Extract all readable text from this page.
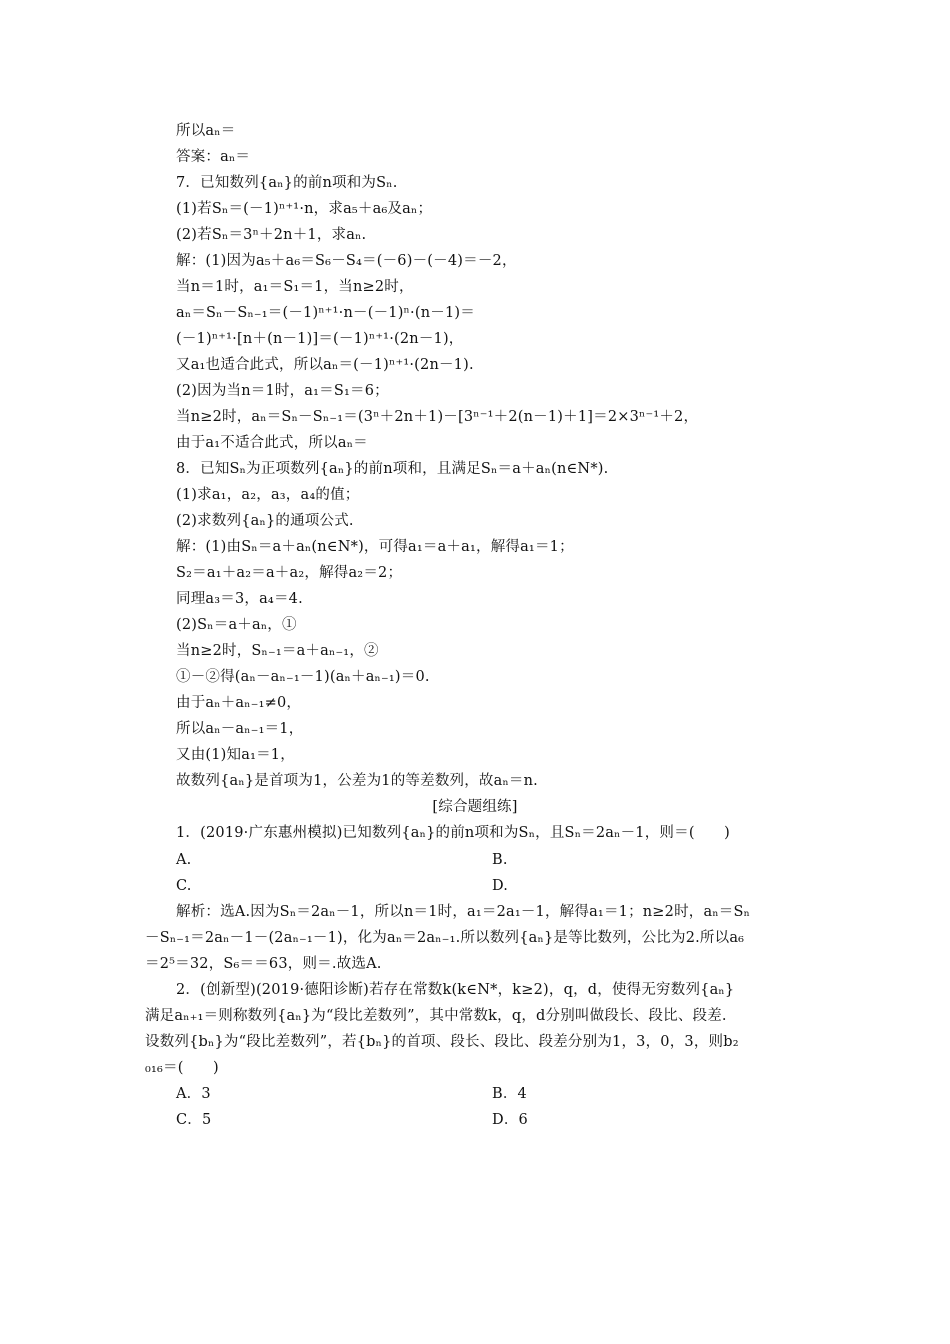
所以aₙ＝
答案：aₙ＝
7．已知数列{aₙ}的前n项和为Sₙ.
(1)若Sₙ＝(－1)ⁿ⁺¹·n，求a₅＋a₆及aₙ；
(2)若Sₙ＝3ⁿ＋2n＋1，求aₙ.
解：(1)因为a₅＋a₆＝S₆－S₄＝(－6)－(－4)＝－2，
当n＝1时，a₁＝S₁＝1，当n≥2时，
aₙ＝Sₙ－Sₙ₋₁＝(－1)ⁿ⁺¹·n－(－1)ⁿ·(n－1)＝
(－1)ⁿ⁺¹·[n＋(n－1)]＝(－1)ⁿ⁺¹·(2n－1)，
又a₁也适合此式，所以aₙ＝(－1)ⁿ⁺¹·(2n－1).
(2)因为当n＝1时，a₁＝S₁＝6；
当n≥2时，aₙ＝Sₙ－Sₙ₋₁＝(3ⁿ＋2n＋1)－[3ⁿ⁻¹＋2(n－1)＋1]＝2×3ⁿ⁻¹＋2，
由于a₁不适合此式，所以aₙ＝
8．已知Sₙ为正项数列{aₙ}的前n项和，且满足Sₙ＝a＋aₙ(n∈N*).
(1)求a₁，a₂，a₃，a₄的值；
(2)求数列{aₙ}的通项公式.
解：(1)由Sₙ＝a＋aₙ(n∈N*)，可得a₁＝a＋a₁，解得a₁＝1；
S₂＝a₁＋a₂＝a＋a₂，解得a₂＝2；
同理a₃＝3，a₄＝4.
(2)Sₙ＝a＋aₙ，①
当n≥2时，Sₙ₋₁＝a＋aₙ₋₁，②
①－②得(aₙ－aₙ₋₁－1)(aₙ＋aₙ₋₁)＝0.
由于aₙ＋aₙ₋₁≠0，
所以aₙ－aₙ₋₁＝1，
又由(1)知a₁＝1，
故数列{aₙ}是首项为1，公差为1的等差数列，故aₙ＝n.
[综合题组练]
1．(2019·广东惠州模拟)已知数列{aₙ}的前n项和为Sₙ，且Sₙ＝2aₙ－1，则＝(　　)
A.	B.
C.	D.
解析：选A.因为Sₙ＝2aₙ－1，所以n＝1时，a₁＝2a₁－1，解得a₁＝1；n≥2时，aₙ＝Sₙ
－Sₙ₋₁＝2aₙ－1－(2aₙ₋₁－1)，化为aₙ＝2aₙ₋₁.所以数列{aₙ}是等比数列，公比为2.所以a₆
＝2⁵＝32，S₆＝＝63，则＝.故选A.
2．(创新型)(2019·德阳诊断)若存在常数k(k∈N*，k≥2)，q，d，使得无穷数列{aₙ}
满足aₙ₊₁＝则称数列{aₙ}为“段比差数列”，其中常数k，q，d分别叫做段长、段比、段差.
设数列{bₙ}为“段比差数列”，若{bₙ}的首项、段长、段比、段差分别为1，3，0，3，则b₂
₀₁₆＝(　　)
A．3	B．4
C．5	D．6
